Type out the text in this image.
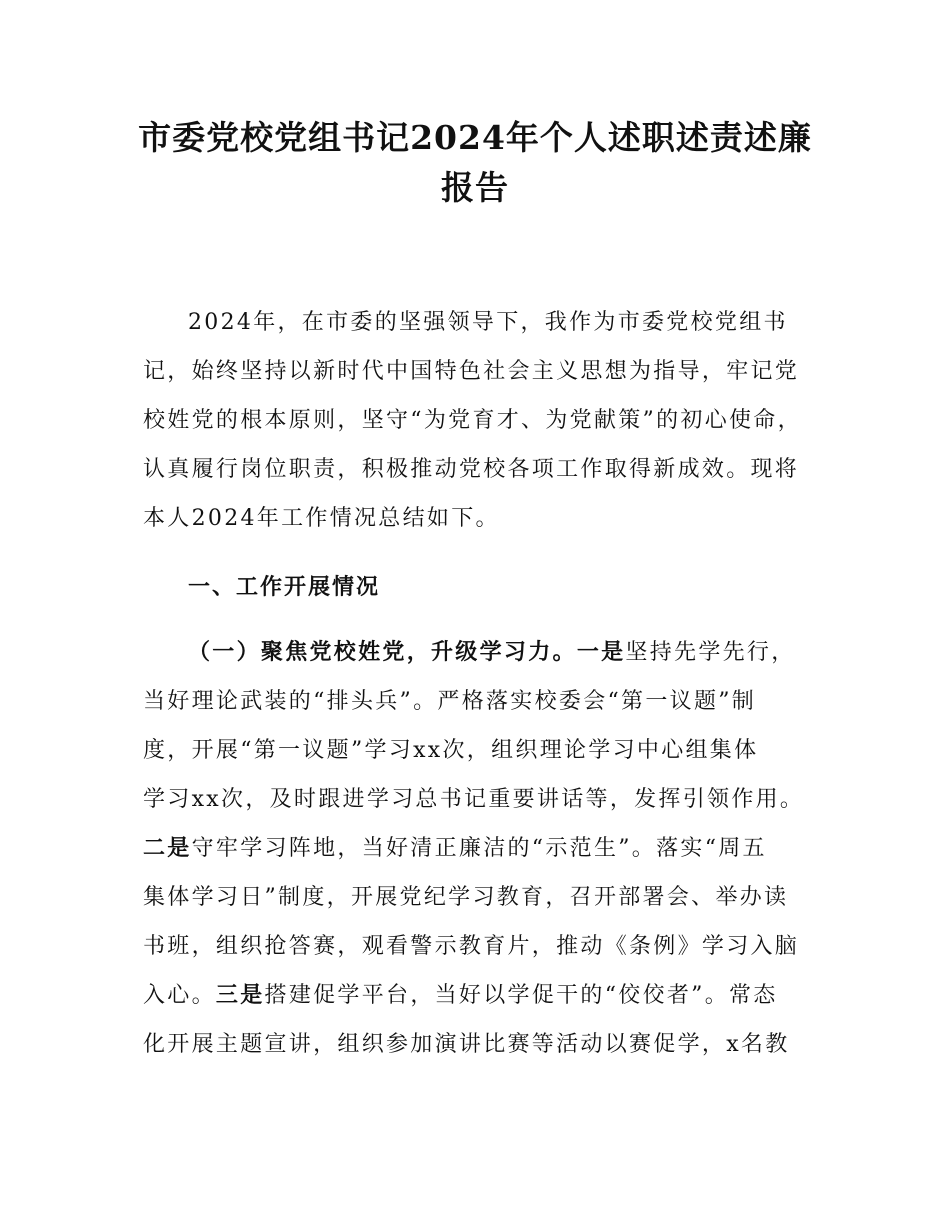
市委党校党组书记2024年个人述职述责述廉
报告

2024年，在市委的坚强领导下，我作为市委党校党组书

记，始终坚持以新时代中国特色社会主义思想为指导，牢记党

校姓党的根本原则，坚守“为党育才、为党献策”的初心使命，

认真履行岗位职责，积极推动党校各项工作取得新成效。现将

本人2024年工作情况总结如下。

一、工作开展情况

（一）聚焦党校姓党，升级学习力。一是坚持先学先行，

当好理论武装的“排头兵”。严格落实校委会“第一议题”制

度，开展“第一议题”学习xx次，组织理论学习中心组集体

学习xx次，及时跟进学习总书记重要讲话等，发挥引领作用。

二是守牢学习阵地，当好清正廉洁的“示范生”。落实“周五

集体学习日”制度，开展党纪学习教育，召开部署会、举办读

书班，组织抢答赛，观看警示教育片，推动《条例》学习入脑

入心。三是搭建促学平台，当好以学促干的“佼佼者”。常态

化开展主题宣讲，组织参加演讲比赛等活动以赛促学，x名教
